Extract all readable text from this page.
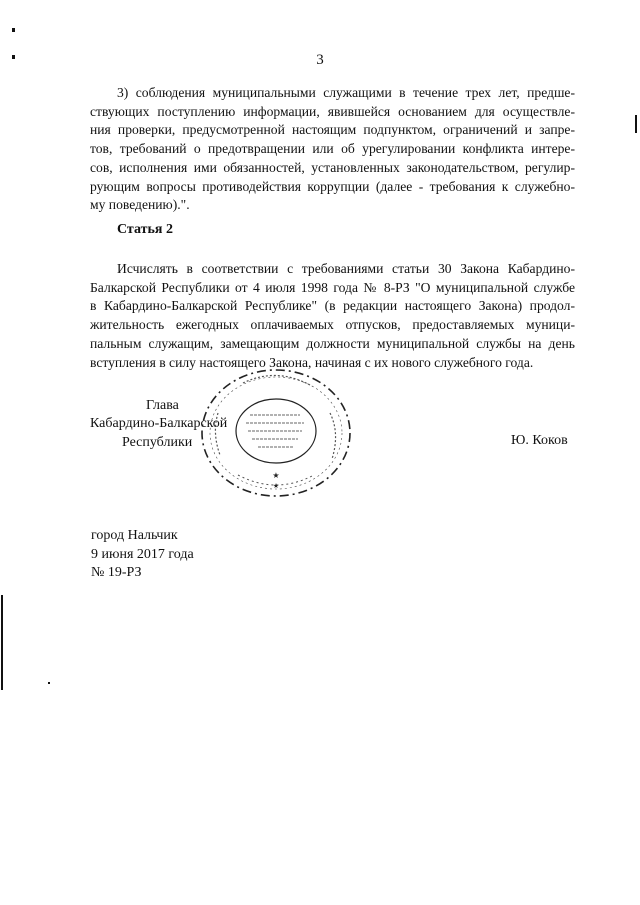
3
3) соблюдения муниципальными служащими в течение трех лет, предше-
ствующих поступлению информации, явившейся основанием для осуществле-
ния проверки, предусмотренной настоящим подпунктом, ограничений и запре-
тов, требований о предотвращении или об урегулировании конфликта интере-
сов, исполнения ими обязанностей, установленных законодательством, регулир-
рующим вопросы противодействия коррупции (далее - требования к служебно-
му поведению).".
Статья 2
Исчислять в соответствии с требованиями статьи 30 Закона Кабардино-
Балкарской Республики от 4 июля 1998 года № 8-РЗ "О муниципальной службе
в Кабардино-Балкарской Республике" (в редакции настоящего Закона) продол-
жительность ежегодных оплачиваемых отпусков, предоставляемых муници-
пальным служащим, замещающим должности муниципальной службы на день
вступления в силу настоящего Закона, начиная с их нового служебного года.
★
★
Глава
Кабардино-Балкарской
Республики	Ю. Коков
город Нальчик
9 июня 2017 года
№ 19-РЗ
